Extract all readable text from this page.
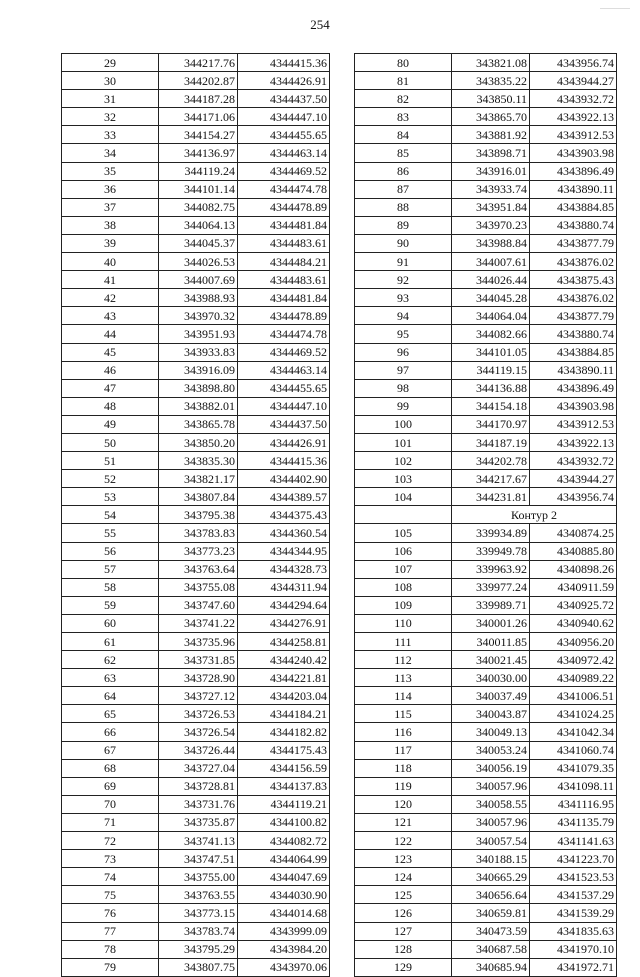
254
29	344217.76	4344415.36
30	344202.87	4344426.91
31	344187.28	4344437.50
32	344171.06	4344447.10
33	344154.27	4344455.65
34	344136.97	4344463.14
35	344119.24	4344469.52
36	344101.14	4344474.78
37	344082.75	4344478.89
38	344064.13	4344481.84
39	344045.37	4344483.61
40	344026.53	4344484.21
41	344007.69	4344483.61
42	343988.93	4344481.84
43	343970.32	4344478.89
44	343951.93	4344474.78
45	343933.83	4344469.52
46	343916.09	4344463.14
47	343898.80	4344455.65
48	343882.01	4344447.10
49	343865.78	4344437.50
50	343850.20	4344426.91
51	343835.30	4344415.36
52	343821.17	4344402.90
53	343807.84	4344389.57
54	343795.38	4344375.43
55	343783.83	4344360.54
56	343773.23	4344344.95
57	343763.64	4344328.73
58	343755.08	4344311.94
59	343747.60	4344294.64
60	343741.22	4344276.91
61	343735.96	4344258.81
62	343731.85	4344240.42
63	343728.90	4344221.81
64	343727.12	4344203.04
65	343726.53	4344184.21
66	343726.54	4344182.82
67	343726.44	4344175.43
68	343727.04	4344156.59
69	343728.81	4344137.83
70	343731.76	4344119.21
71	343735.87	4344100.82
72	343741.13	4344082.72
73	343747.51	4344064.99
74	343755.00	4344047.69
75	343763.55	4344030.90
76	343773.15	4344014.68
77	343783.74	4343999.09
78	343795.29	4343984.20
79	343807.75	4343970.06
80	343821.08	4343956.74
81	343835.22	4343944.27
82	343850.11	4343932.72
83	343865.70	4343922.13
84	343881.92	4343912.53
85	343898.71	4343903.98
86	343916.01	4343896.49
87	343933.74	4343890.11
88	343951.84	4343884.85
89	343970.23	4343880.74
90	343988.84	4343877.79
91	344007.61	4343876.02
92	344026.44	4343875.43
93	344045.28	4343876.02
94	344064.04	4343877.79
95	344082.66	4343880.74
96	344101.05	4343884.85
97	344119.15	4343890.11
98	344136.88	4343896.49
99	344154.18	4343903.98
100	344170.97	4343912.53
101	344187.19	4343922.13
102	344202.78	4343932.72
103	344217.67	4343944.27
104	344231.81	4343956.74
	Контур 2	
105	339934.89	4340874.25
106	339949.78	4340885.80
107	339963.92	4340898.26
108	339977.24	4340911.59
109	339989.71	4340925.72
110	340001.26	4340940.62
111	340011.85	4340956.20
112	340021.45	4340972.42
113	340030.00	4340989.22
114	340037.49	4341006.51
115	340043.87	4341024.25
116	340049.13	4341042.34
117	340053.24	4341060.74
118	340056.19	4341079.35
119	340057.96	4341098.11
120	340058.55	4341116.95
121	340057.96	4341135.79
122	340057.54	4341141.63
123	340188.15	4341223.70
124	340665.29	4341523.53
125	340656.64	4341537.29
126	340659.81	4341539.29
127	340473.59	4341835.63
128	340687.58	4341970.10
129	340685.94	4341972.71
